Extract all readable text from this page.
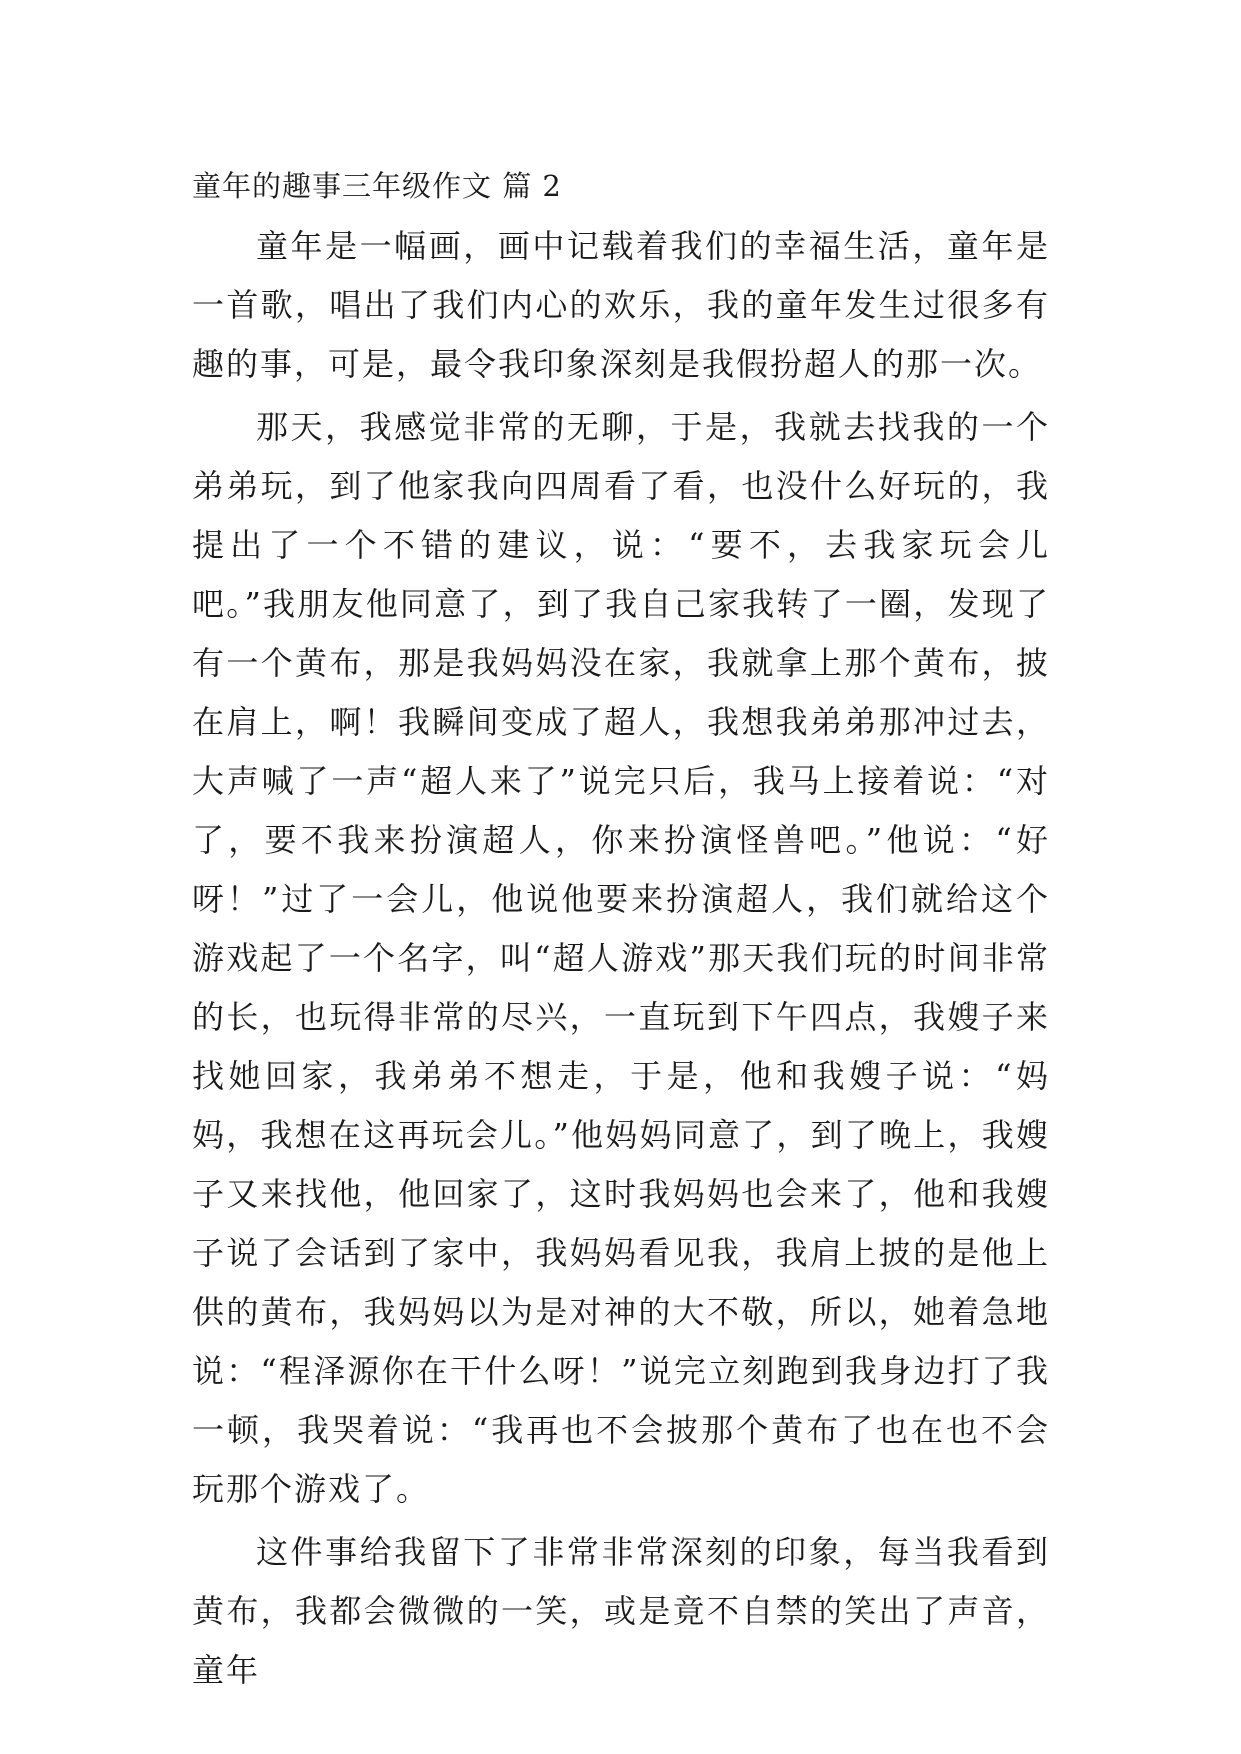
童年的趣事三年级作文 篇 2

童年是一幅画，画中记载着我们的幸福生活，童年是一首歌，唱出了我们内心的欢乐，我的童年发生过很多有趣的事，可是，最令我印象深刻是我假扮超人的那一次。

那天，我感觉非常的无聊，于是，我就去找我的一个弟弟玩，到了他家我向四周看了看，也没什么好玩的，我提出了一个不错的建议，说：“要不，去我家玩会儿吧。”我朋友他同意了，到了我自己家我转了一圈，发现了有一个黄布，那是我妈妈没在家，我就拿上那个黄布，披在肩上，啊！我瞬间变成了超人，我想我弟弟那冲过去，大声喊了一声“超人来了”说完只后，我马上接着说：“对了，要不我来扮演超人，你来扮演怪兽吧。”他说：“好呀！”过了一会儿，他说他要来扮演超人，我们就给这个游戏起了一个名字，叫“超人游戏”那天我们玩的时间非常的长，也玩得非常的尽兴，一直玩到下午四点，我嫂子来找她回家，我弟弟不想走，于是，他和我嫂子说：“妈妈，我想在这再玩会儿。”他妈妈同意了，到了晚上，我嫂子又来找他，他回家了，这时我妈妈也会来了，他和我嫂子说了会话到了家中，我妈妈看见我，我肩上披的是他上供的黄布，我妈妈以为是对神的大不敬，所以，她着急地说：“程泽源你在干什么呀！”说完立刻跑到我身边打了我一顿，我哭着说：“我再也不会披那个黄布了也在也不会玩那个游戏了。

这件事给我留下了非常非常深刻的印象，每当我看到黄布，我都会微微的一笑，或是竟不自禁的笑出了声音，童年
